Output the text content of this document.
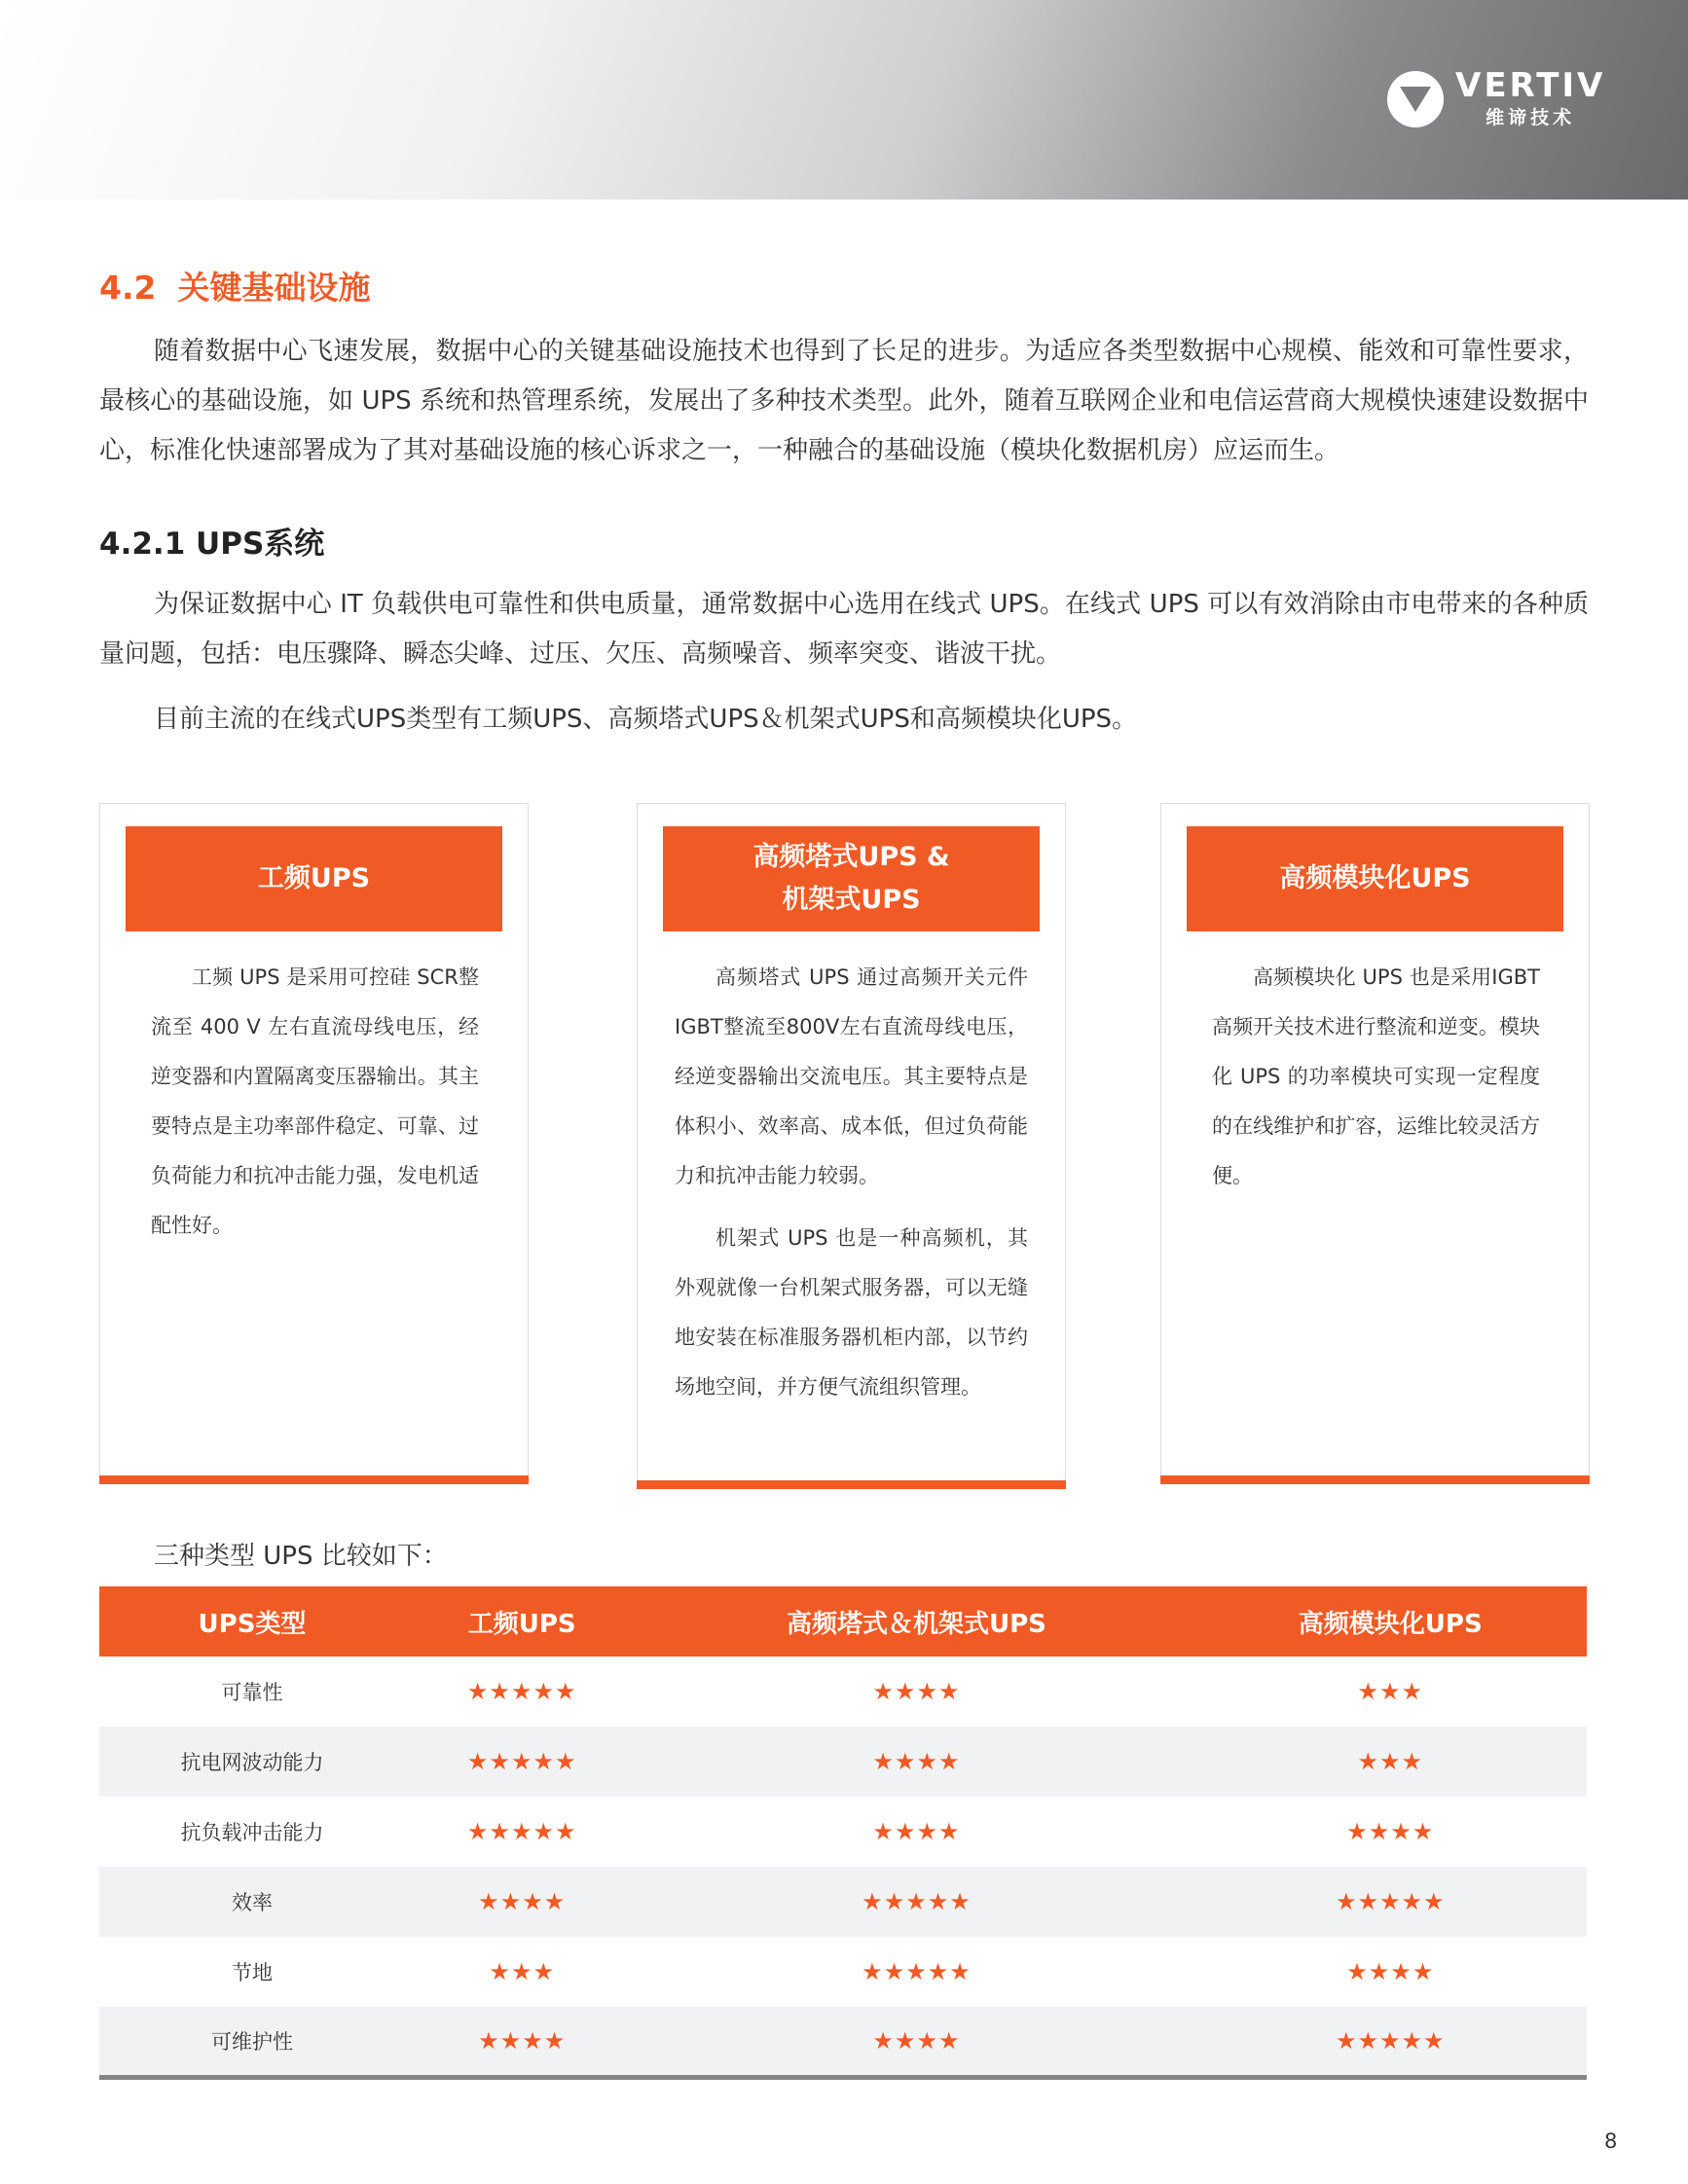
VERTIV
维谛技术
4.2 关键基础设施
随着数据中心飞速发展，数据中心的关键基础设施技术也得到了长足的进步。为适应各类型数据中心规模、能效和可靠性要求，最核心的基础设施，如 UPS 系统和热管理系统，发展出了多种技术类型。此外，随着互联网企业和电信运营商大规模快速建设数据中心，标准化快速部署成为了其对基础设施的核心诉求之一，一种融合的基础设施（模块化数据机房）应运而生。
4.2.1 UPS系统
为保证数据中心 IT 负载供电可靠性和供电质量，通常数据中心选用在线式 UPS。在线式 UPS 可以有效消除由市电带来的各种质量问题，包括：电压骤降、瞬态尖峰、过压、欠压、高频噪音、频率突变、谐波干扰。
目前主流的在线式UPS类型有工频UPS、高频塔式UPS＆机架式UPS和高频模块化UPS。
工频UPS

工频 UPS 是采用可控硅 SCR整流至 400 V 左右直流母线电压，经逆变器和内置隔离变压器输出。其主要特点是主功率部件稳定、可靠、过负荷能力和抗冲击能力强，发电机适配性好。

高频塔式UPS &
机架式UPS

高频塔式 UPS 通过高频开关元件IGBT整流至800V左右直流母线电压，经逆变器输出交流电压。其主要特点是体积小、效率高、成本低，但过负荷能力和抗冲击能力较弱。

机架式 UPS 也是一种高频机，其外观就像一台机架式服务器，可以无缝地安装在标准服务器机柜内部，以节约场地空间，并方便气流组织管理。

高频模块化UPS

高频模块化 UPS 也是采用IGBT高频开关技术进行整流和逆变。模块化 UPS 的功率模块可实现一定程度的在线维护和扩容，运维比较灵活方便。

三种类型 UPS 比较如下：
UPS类型	工频UPS	高频塔式＆机架式UPS	高频模块化UPS
可靠性	★★★★★	★★★★	★★★
抗电网波动能力	★★★★★	★★★★	★★★
抗负载冲击能力	★★★★★	★★★★	★★★★
效率	★★★★	★★★★★	★★★★★
节地	★★★	★★★★★	★★★★
可维护性	★★★★	★★★★	★★★★★
8
